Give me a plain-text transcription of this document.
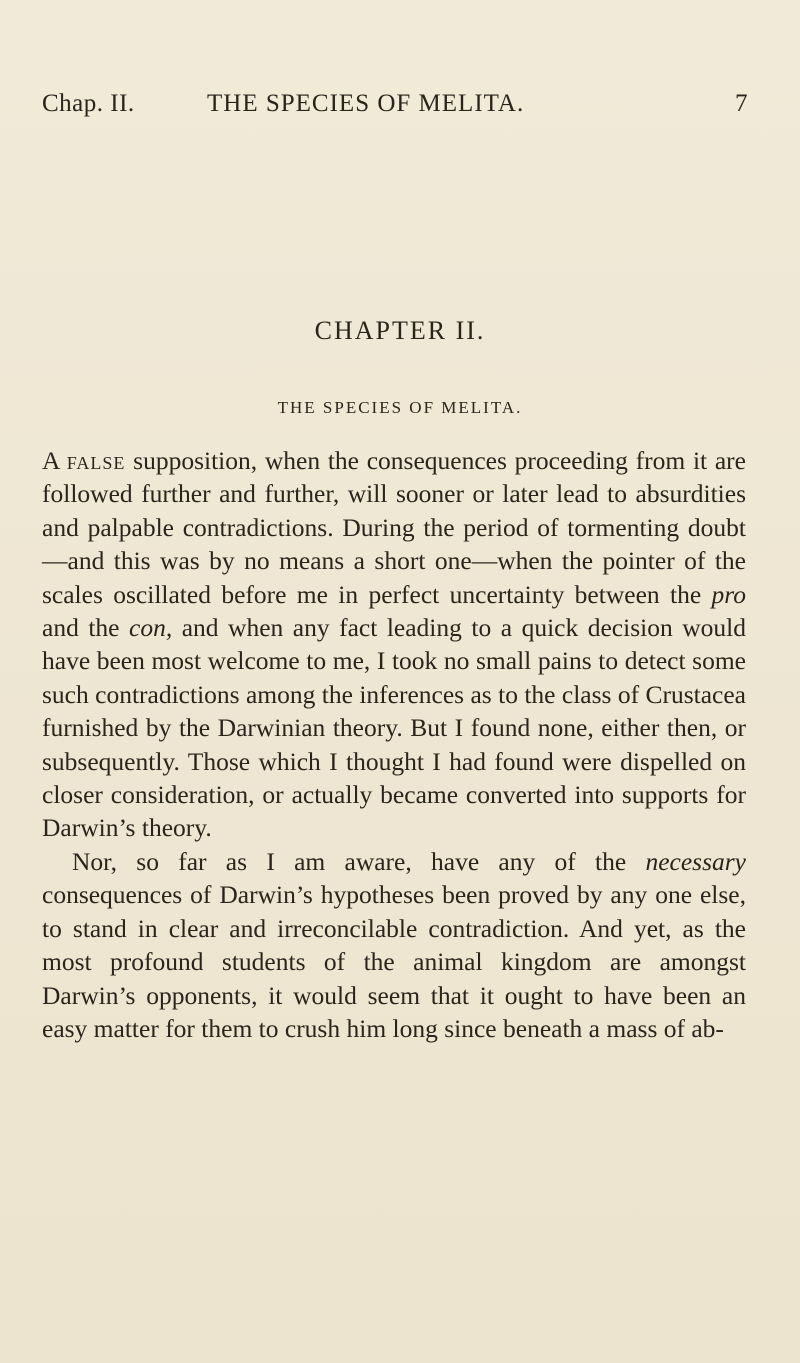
Chap. II.	THE SPECIES OF MELITA.	7
CHAPTER II.
THE SPECIES OF MELITA.

A false supposition, when the consequences proceeding from it are followed further and further, will sooner or later lead to absurdities and palpable contradictions. During the period of tormenting doubt—and this was by no means a short one—when the pointer of the scales oscillated before me in perfect uncertainty between the pro and the con, and when any fact leading to a quick decision would have been most welcome to me, I took no small pains to detect some such contradictions among the inferences as to the class of Crustacea furnished by the Darwinian theory. But I found none, either then, or subsequently. Those which I thought I had found were dispelled on closer consideration, or actually became converted into supports for Darwin’s theory.

Nor, so far as I am aware, have any of the necessary consequences of Darwin’s hypotheses been proved by any one else, to stand in clear and irreconcilable contradiction. And yet, as the most profound students of the animal kingdom are amongst Darwin’s opponents, it would seem that it ought to have been an easy matter for them to crush him long since beneath a mass of ab-
